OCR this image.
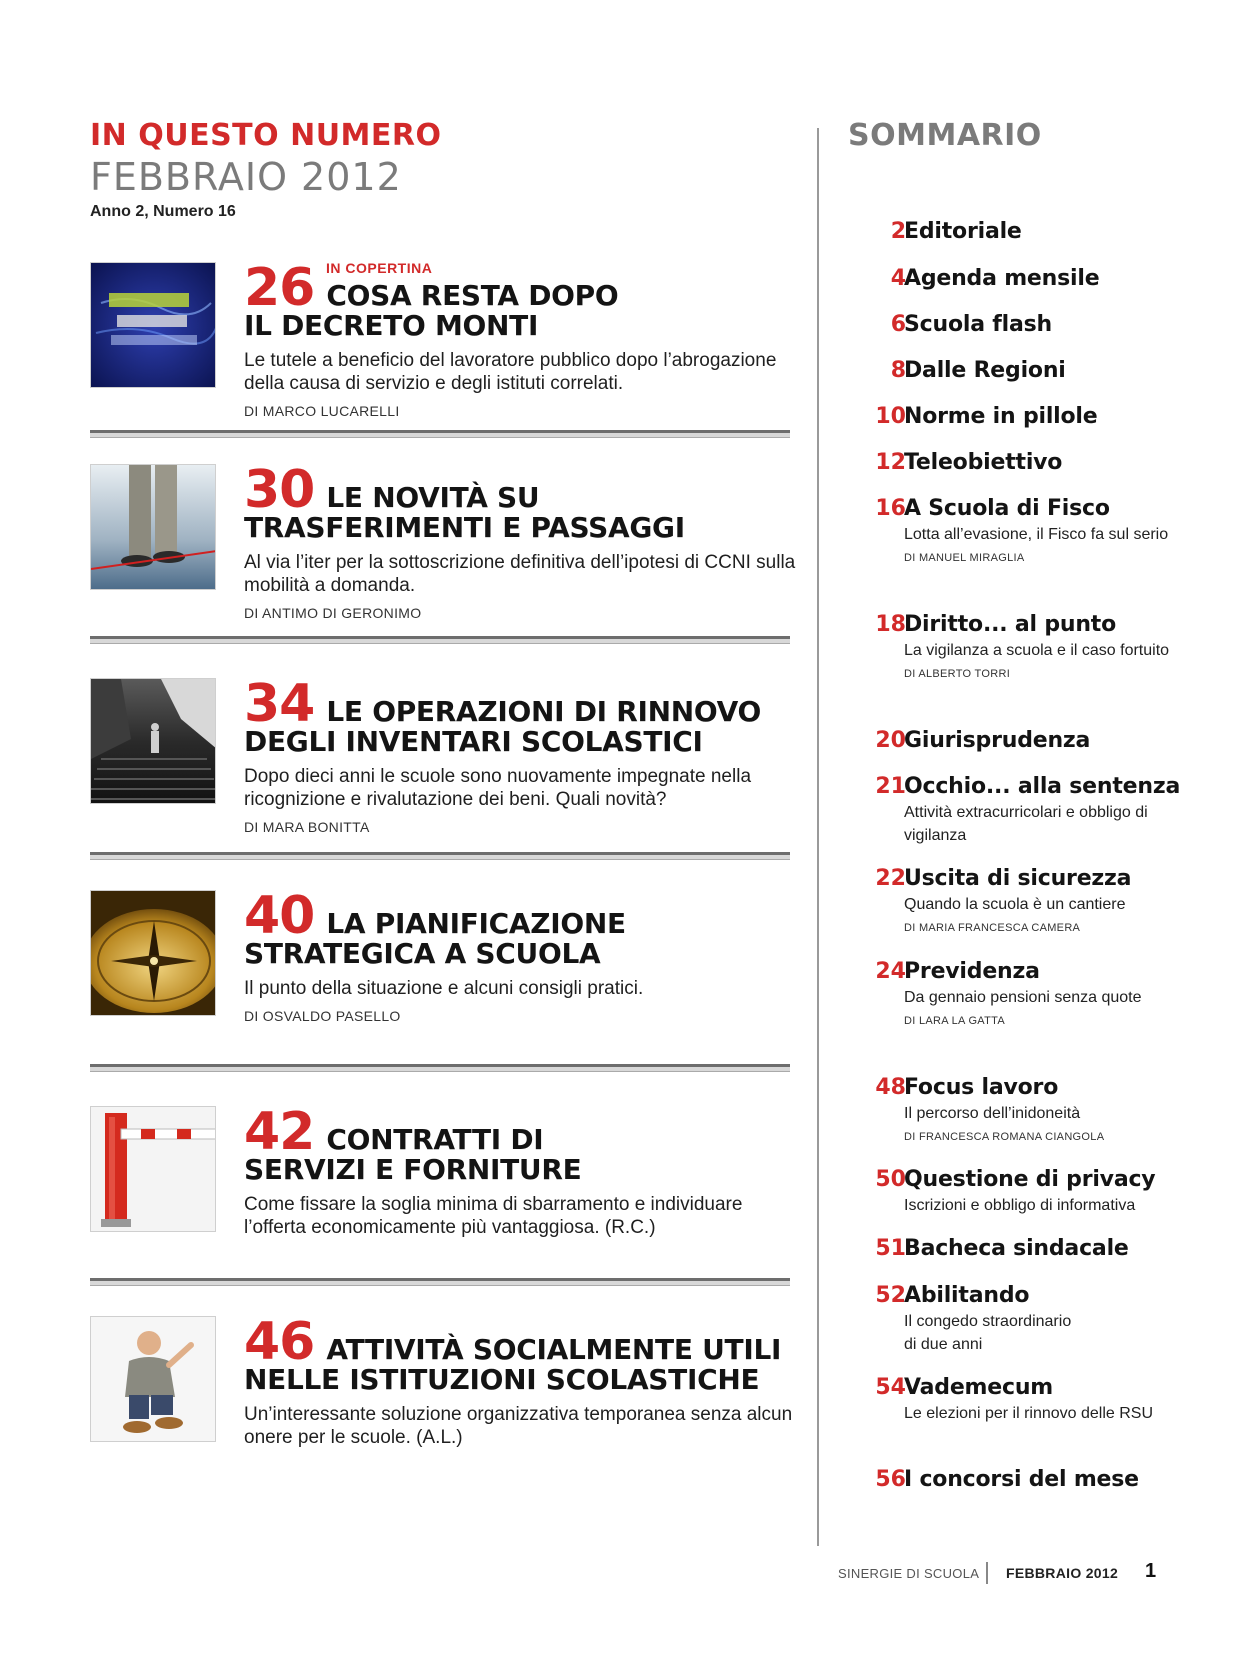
IN QUESTO NUMERO
FEBBRAIO 2012
Anno 2, Numero 16
IN COPERTINA
26 COSA RESTA DOPO
IL DECRETO MONTI
Le tutele a beneficio del lavoratore pubblico dopo l’abrogazione della causa di servizio e degli istituti correlati.
DI MARCO LUCARELLI
30 LE NOVITÀ SU
TRASFERIMENTI E PASSAGGI
Al via l’iter per la sottoscrizione definitiva dell’ipotesi di CCNI sulla mobilità a domanda.
DI ANTIMO DI GERONIMO
34 LE OPERAZIONI DI RINNOVO
DEGLI INVENTARI SCOLASTICI
Dopo dieci anni le scuole sono nuovamente impegnate nella ricognizione e rivalutazione dei beni. Quali novità?
DI MARA BONITTA
40 LA PIANIFICAZIONE
STRATEGICA A SCUOLA
Il punto della situazione e alcuni consigli pratici.
DI OSVALDO PASELLO
42 CONTRATTI DI
SERVIZI E FORNITURE
Come fissare la soglia minima di sbarramento e individuare l’offerta economicamente più vantaggiosa. (R.C.)
46 ATTIVITÀ SOCIALMENTE UTILI
NELLE ISTITUZIONI SCOLASTICHE
Un’interessante soluzione organizzativa temporanea senza alcun onere per le scuole. (A.L.)
SOMMARIO
2
Editoriale
4
Agenda mensile
6
Scuola flash
8
Dalle Regioni
10
Norme in pillole
12
Teleobiettivo
16
A Scuola di Fisco
Lotta all’evasione, il Fisco fa sul serio
DI MANUEL MIRAGLIA
18
Diritto... al punto
La vigilanza a scuola e il caso fortuito
DI ALBERTO TORRI
20
Giurisprudenza
21
Occhio... alla sentenza
Attività extracurricolari e obbligo di vigilanza
22
Uscita di sicurezza
Quando la scuola è un cantiere
DI MARIA FRANCESCA CAMERA
24
Previdenza
Da gennaio pensioni senza quote
DI LARA LA GATTA
48
Focus lavoro
Il percorso dell’inidoneità
DI FRANCESCA ROMANA CIANGOLA
50
Questione di privacy
Iscrizioni e obbligo di informativa
51
Bacheca sindacale
52
Abilitando
Il congedo straordinario di due anni
54
Vademecum
Le elezioni per il rinnovo delle RSU
56
I concorsi del mese
SINERGIE DI SCUOLA FEBBRAIO 2012 1
